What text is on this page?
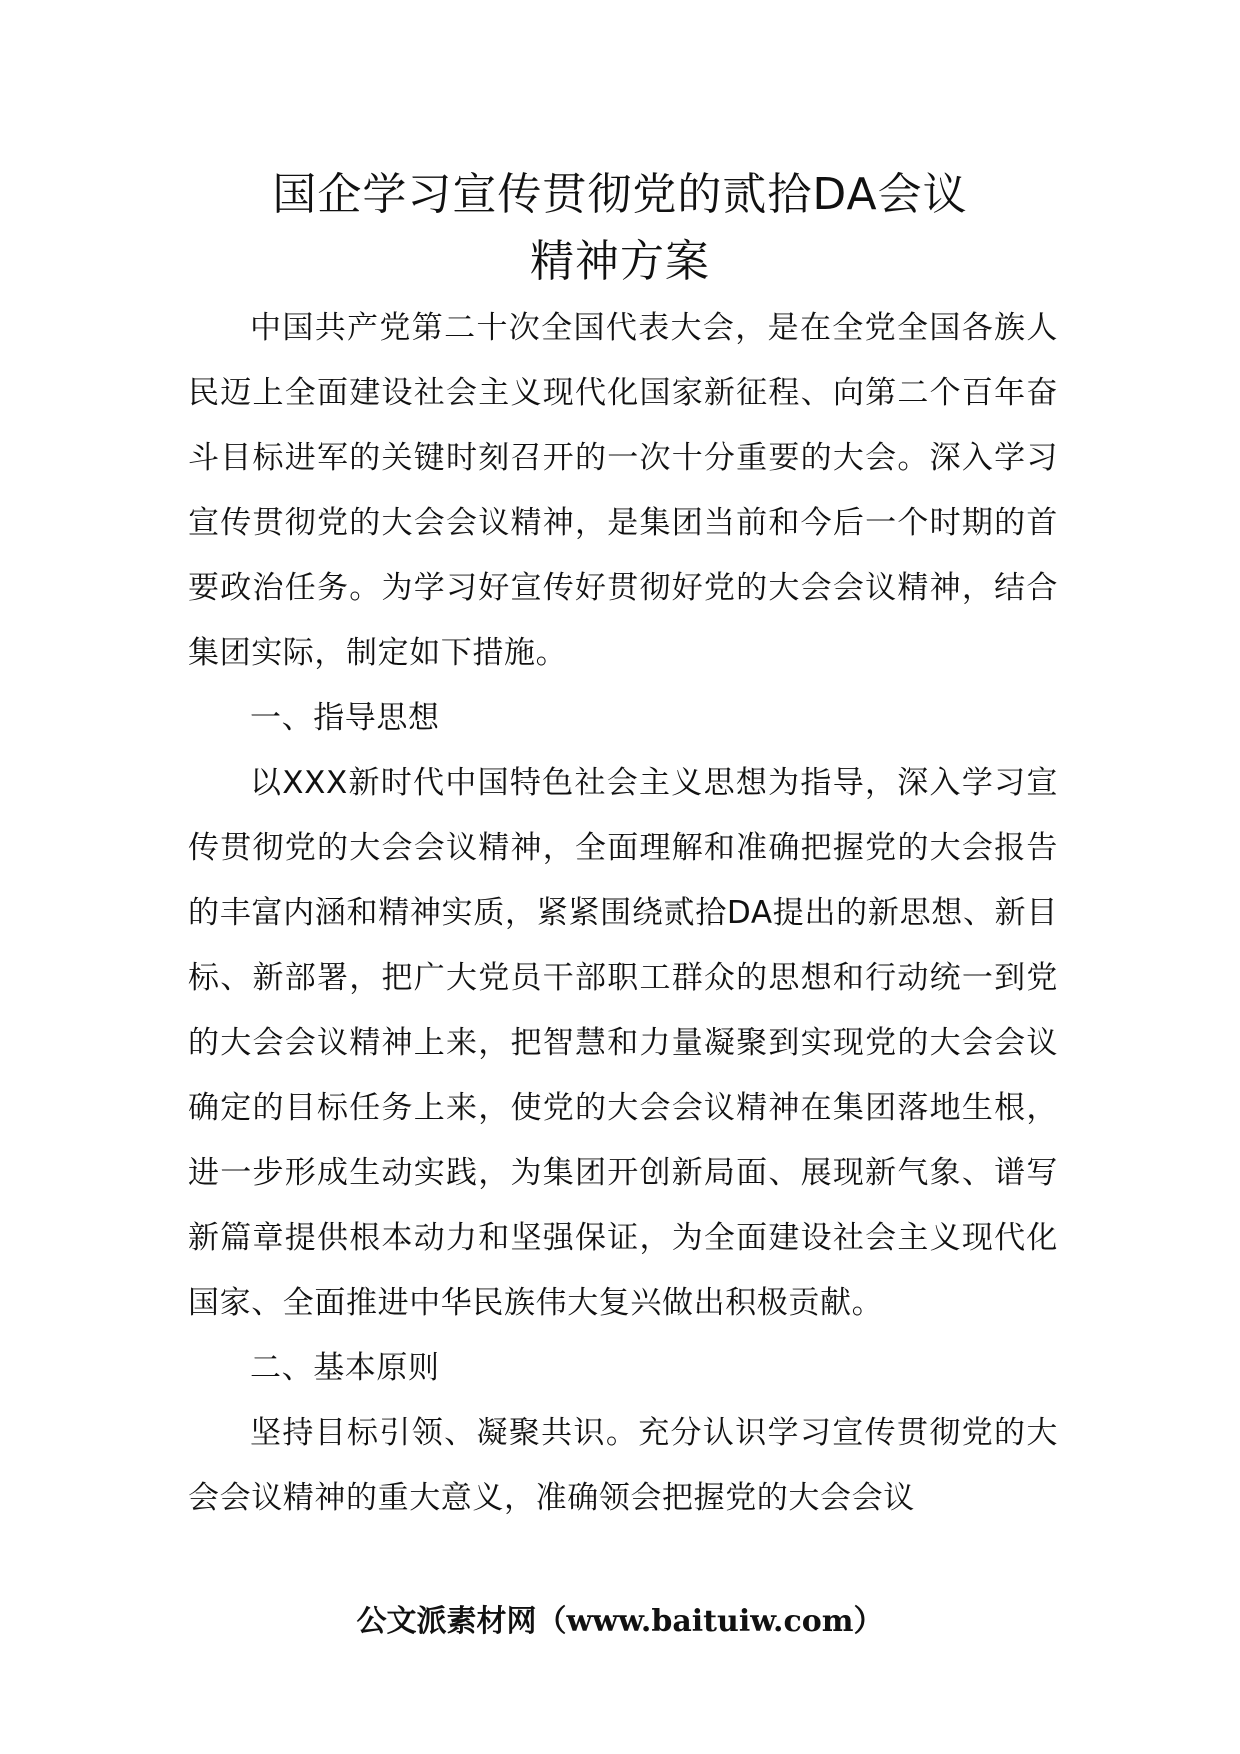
国企学习宣传贯彻党的贰拾DA会议
精神方案

中国共产党第二十次全国代表大会，是在全党全国各族人民迈上全面建设社会主义现代化国家新征程、向第二个百年奋斗目标进军的关键时刻召开的一次十分重要的大会。深入学习宣传贯彻党的大会会议精神，是集团当前和今后一个时期的首要政治任务。为学习好宣传好贯彻好党的大会会议精神，结合集团实际，制定如下措施。

一、指导思想

以XXX新时代中国特色社会主义思想为指导，深入学习宣传贯彻党的大会会议精神，全面理解和准确把握党的大会报告的丰富内涵和精神实质，紧紧围绕贰拾DA提出的新思想、新目标、新部署，把广大党员干部职工群众的思想和行动统一到党的大会会议精神上来，把智慧和力量凝聚到实现党的大会会议确定的目标任务上来，使党的大会会议精神在集团落地生根，进一步形成生动实践，为集团开创新局面、展现新气象、谱写新篇章提供根本动力和坚强保证，为全面建设社会主义现代化国家、全面推进中华民族伟大复兴做出积极贡献。

二、基本原则

坚持目标引领、凝聚共识。充分认识学习宣传贯彻党的大会会议精神的重大意义，准确领会把握党的大会会议

公文派素材网（www.baituiw.com）
